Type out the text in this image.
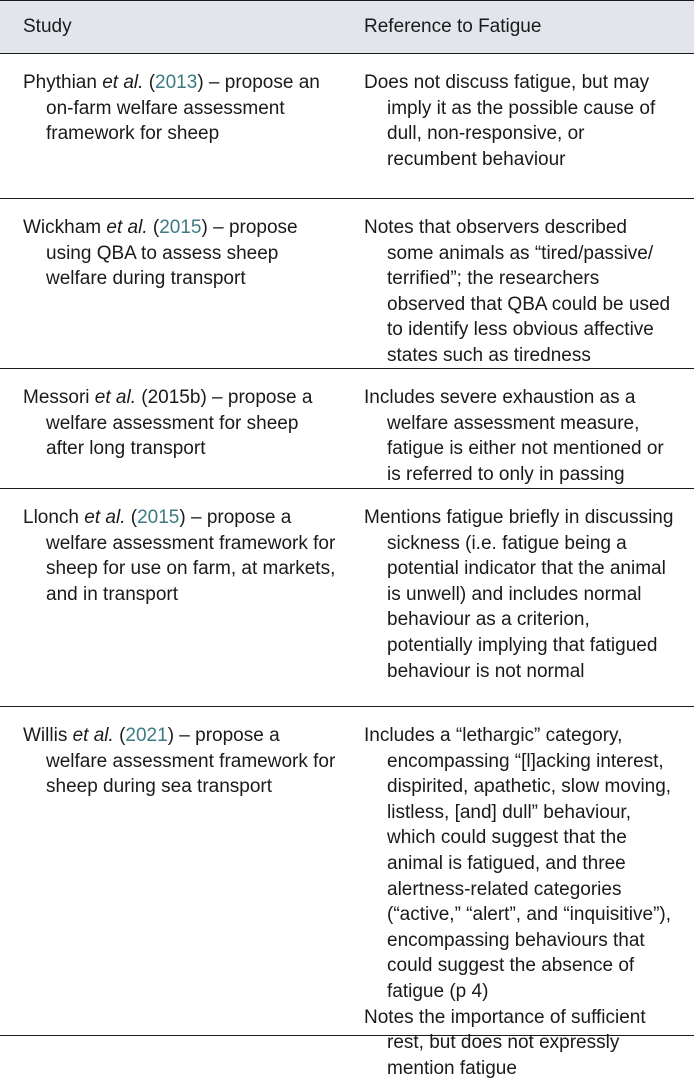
Study	Reference to Fatigue

Phythian et al. (2013) – propose an on-farm welfare assessment framework for sheep

Does not discuss fatigue, but may imply it as the possible cause of dull, non-responsive, or recumbent behaviour

Wickham et al. (2015) – propose using QBA to assess sheep welfare during transport

Notes that observers described some animals as “tired/passive/ terrified”; the researchers observed that QBA could be used to identify less obvious affective states such as tiredness

Messori et al. (2015b) – propose a welfare assessment for sheep after long transport

Includes severe exhaustion as a welfare assessment measure, fatigue is either not mentioned or is referred to only in passing

Llonch et al. (2015) – propose a welfare assessment framework for sheep for use on farm, at markets, and in transport

Mentions fatigue briefly in discussing sickness (i.e. fatigue being a potential indicator that the animal is unwell) and includes normal behaviour as a criterion, potentially implying that fatigued behaviour is not normal

Willis et al. (2021) – propose a welfare assessment framework for sheep during sea transport

Includes a “lethargic” category, encompassing “[l]acking interest, dispirited, apathetic, slow moving, listless, [and] dull” behaviour, which could suggest that the animal is fatigued, and three alertness-related categories (“active,” “alert”, and “inquisitive”), encompassing behaviours that could suggest the absence of fatigue (p 4)

Notes the importance of sufficient rest, but does not expressly mention fatigue
